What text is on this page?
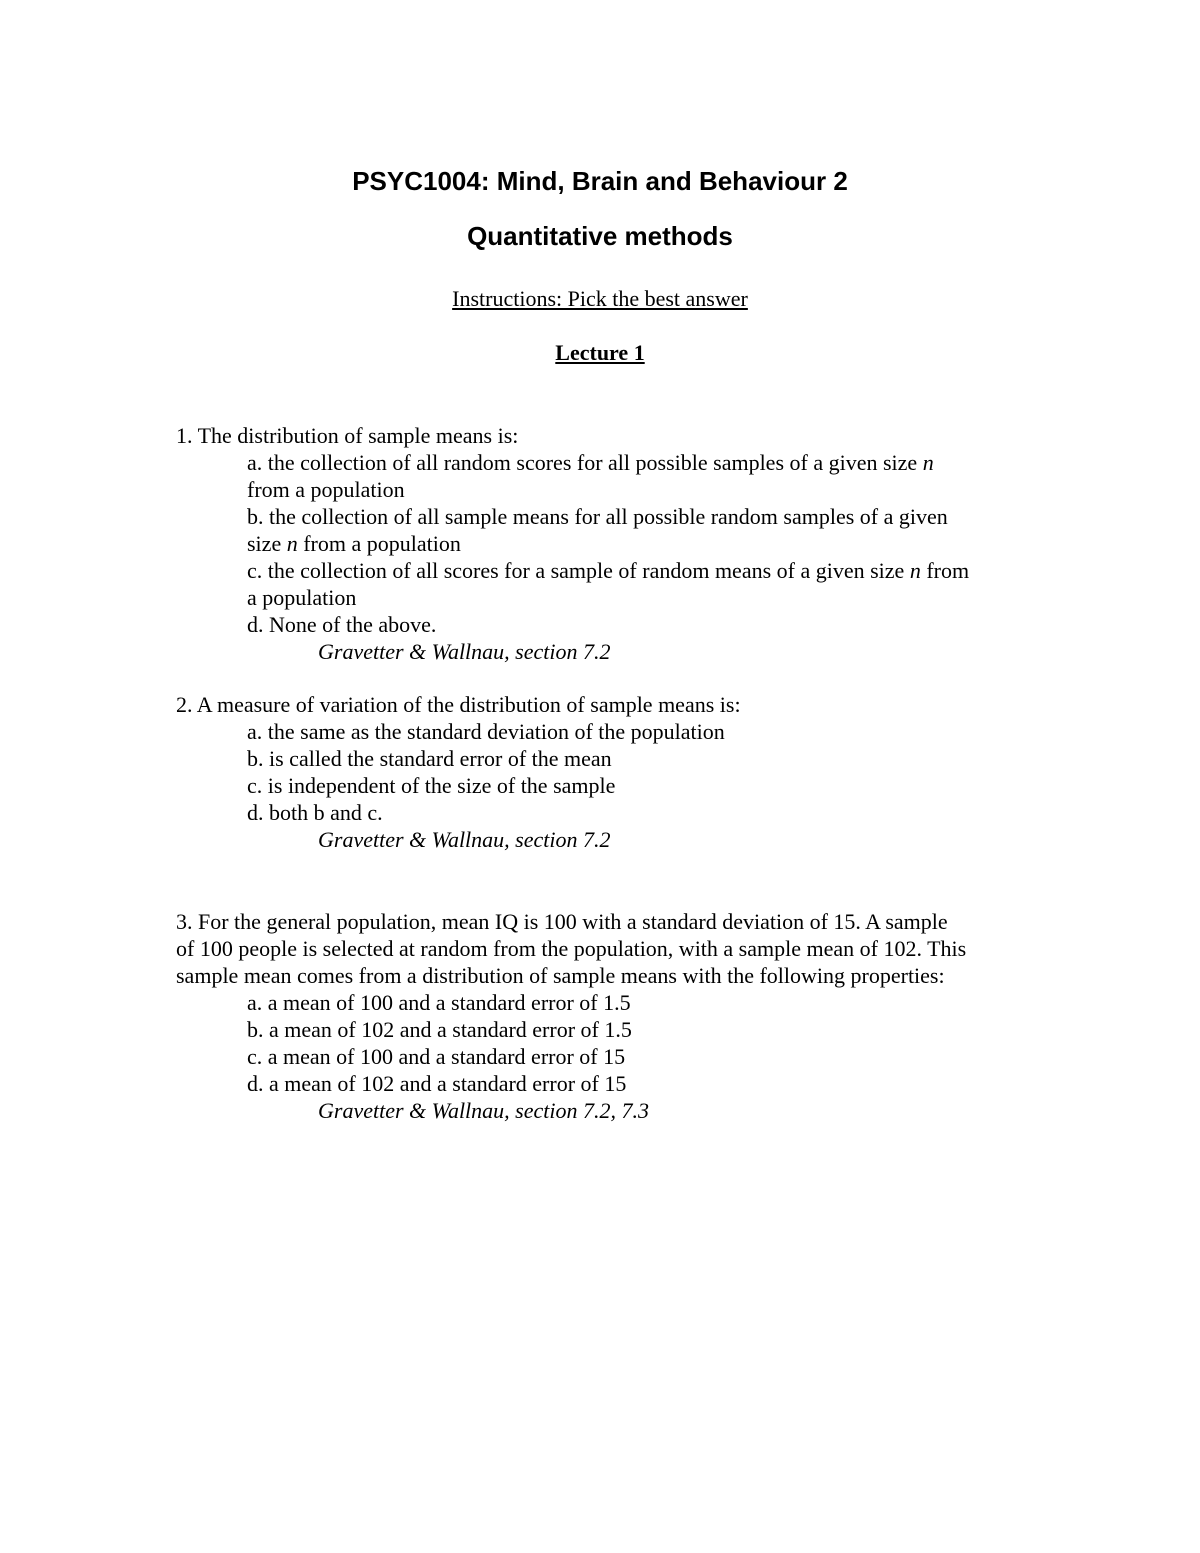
PSYC1004: Mind, Brain and Behaviour 2
Quantitative methods
Instructions: Pick the best answer
Lecture 1
1. The distribution of sample means is:
a. the collection of all random scores for all possible samples of a given size n
from a population
b. the collection of all sample means for all possible random samples of a given
size n from a population
c. the collection of all scores for a sample of random means of a given size n from
a population
d. None of the above.
Gravetter & Wallnau, section 7.2
2. A measure of variation of the distribution of sample means is:
a. the same as the standard deviation of the population
b. is called the standard error of the mean
c. is independent of the size of the sample
d. both b and c.
Gravetter & Wallnau, section 7.2
3. For the general population, mean IQ is 100 with a standard deviation of 15. A sample
of 100 people is selected at random from the population, with a sample mean of 102. This
sample mean comes from a distribution of sample means with the following properties:
a. a mean of 100 and a standard error of 1.5
b. a mean of 102 and a standard error of 1.5
c. a mean of 100 and a standard error of 15
d. a mean of 102 and a standard error of 15
Gravetter & Wallnau, section 7.2, 7.3
